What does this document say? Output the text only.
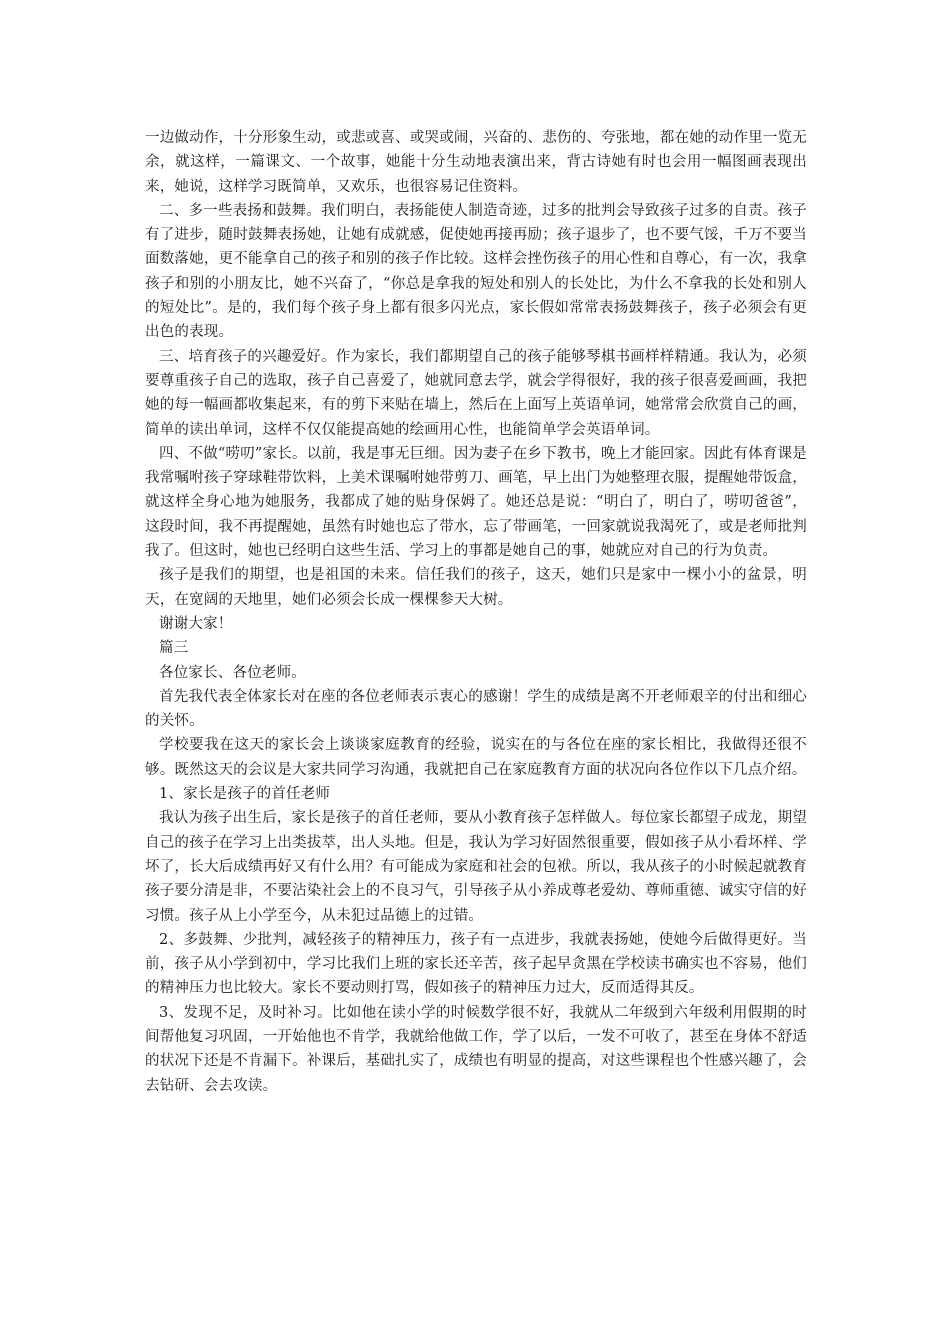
一边做动作，十分形象生动，或悲或喜、或哭或闹，兴奋的、悲伤的、夸张地，都在她的动作里一览无余，就这样，一篇课文、一个故事，她能十分生动地表演出来，背古诗她有时也会用一幅图画表现出来，她说，这样学习既简单，又欢乐，也很容易记住资料。

二、多一些表扬和鼓舞。我们明白，表扬能使人制造奇迹，过多的批判会导致孩子过多的自责。孩子有了进步，随时鼓舞表扬她，让她有成就感，促使她再接再励；孩子退步了，也不要气馁，千万不要当面数落她，更不能拿自己的孩子和别的孩子作比较。这样会挫伤孩子的用心性和自尊心，有一次，我拿孩子和别的小朋友比，她不兴奋了，“你总是拿我的短处和别人的长处比，为什么不拿我的长处和别人的短处比”。是的，我们每个孩子身上都有很多闪光点，家长假如常常表扬鼓舞孩子，孩子必须会有更出色的表现。

三、培育孩子的兴趣爱好。作为家长，我们都期望自己的孩子能够琴棋书画样样精通。我认为，必须要尊重孩子自己的选取，孩子自己喜爱了，她就同意去学，就会学得很好，我的孩子很喜爱画画，我把她的每一幅画都收集起来，有的剪下来贴在墙上，然后在上面写上英语单词，她常常会欣赏自己的画，简单的读出单词，这样不仅仅能提高她的绘画用心性，也能简单学会英语单词。

四、不做“唠叨”家长。以前，我是事无巨细。因为妻子在乡下教书，晚上才能回家。因此有体育课是我常嘱咐孩子穿球鞋带饮料，上美术课嘱咐她带剪刀、画笔，早上出门为她整理衣服，提醒她带饭盒，就这样全身心地为她服务，我都成了她的贴身保姆了。她还总是说：“明白了，明白了，唠叨爸爸”，这段时间，我不再提醒她，虽然有时她也忘了带水，忘了带画笔，一回家就说我渴死了，或是老师批判我了。但这时，她也已经明白这些生活、学习上的事都是她自己的事，她就应对自己的行为负责。

孩子是我们的期望，也是祖国的未来。信任我们的孩子，这天，她们只是家中一棵小小的盆景，明天，在宽阔的天地里，她们必须会长成一棵棵参天大树。

谢谢大家！

篇三

各位家长、各位老师。

首先我代表全体家长对在座的各位老师表示衷心的感谢！学生的成绩是离不开老师艰辛的付出和细心的关怀。

学校要我在这天的家长会上谈谈家庭教育的经验，说实在的与各位在座的家长相比，我做得还很不够。既然这天的会议是大家共同学习沟通，我就把自己在家庭教育方面的状况向各位作以下几点介绍。

1、家长是孩子的首任老师

我认为孩子出生后，家长是孩子的首任老师，要从小教育孩子怎样做人。每位家长都望子成龙，期望自己的孩子在学习上出类拔萃，出人头地。但是，我认为学习好固然很重要，假如孩子从小看坏样、学坏了，长大后成绩再好又有什么用？有可能成为家庭和社会的包袱。所以，我从孩子的小时候起就教育孩子要分清是非，不要沾染社会上的不良习气，引导孩子从小养成尊老爱幼、尊师重德、诚实守信的好习惯。孩子从上小学至今，从未犯过品德上的过错。

2、多鼓舞、少批判，减轻孩子的精神压力，孩子有一点进步，我就表扬她，使她今后做得更好。当前，孩子从小学到初中，学习比我们上班的家长还辛苦，孩子起早贪黑在学校读书确实也不容易，他们的精神压力也比较大。家长不要动则打骂，假如孩子的精神压力过大，反而适得其反。

3、发现不足，及时补习。比如他在读小学的时候数学很不好，我就从二年级到六年级利用假期的时间帮他复习巩固，一开始他也不肯学，我就给他做工作，学了以后，一发不可收了，甚至在身体不舒适的状况下还是不肯漏下。补课后，基础扎实了，成绩也有明显的提高，对这些课程也个性感兴趣了，会去钻研、会去攻读。
